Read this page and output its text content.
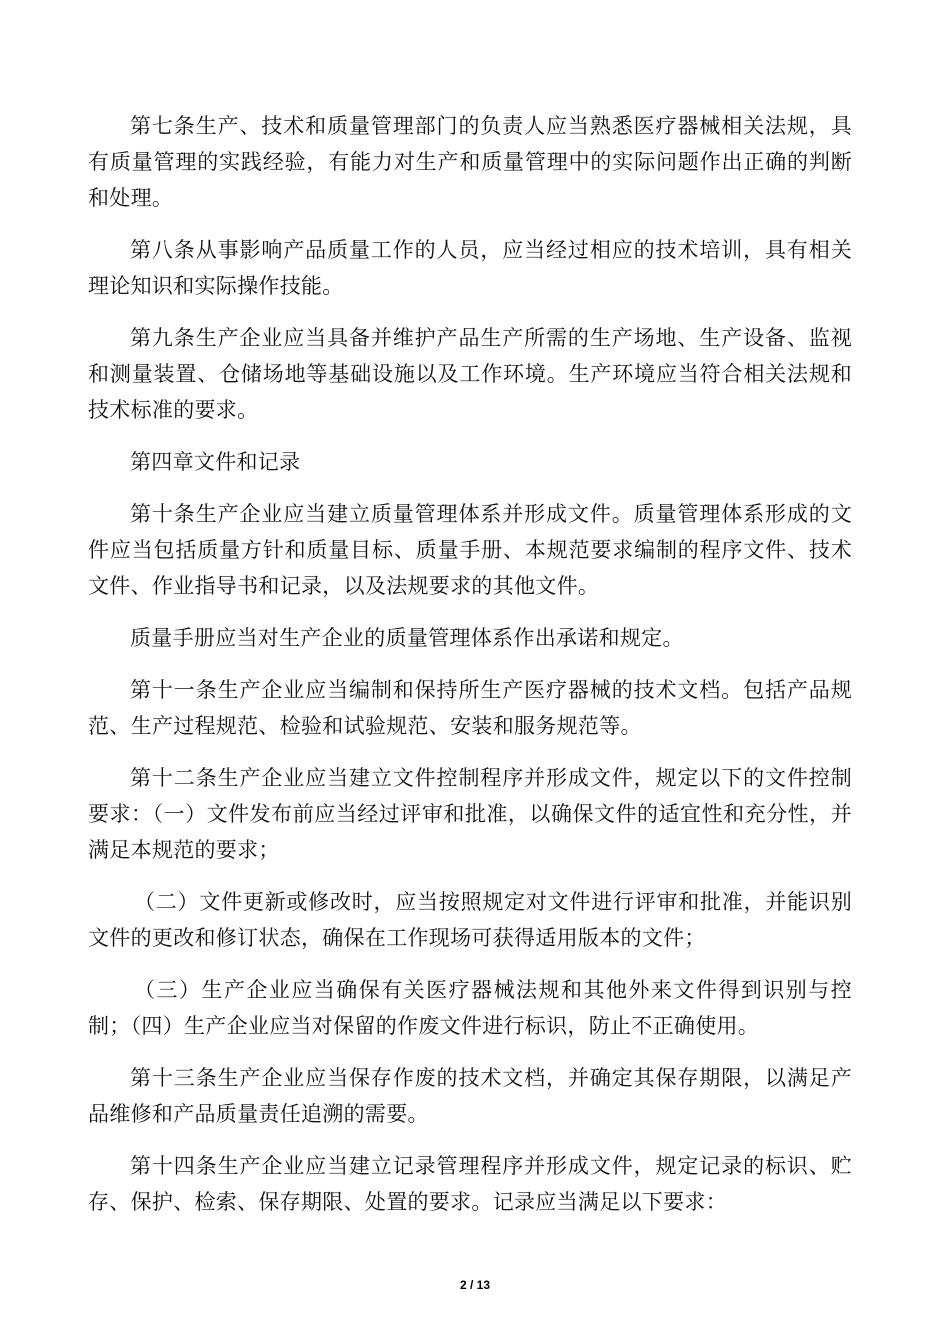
第七条生产、技术和质量管理部门的负责人应当熟悉医疗器械相关法规，具有质量管理的实践经验，有能力对生产和质量管理中的实际问题作出正确的判断和处理。

第八条从事影响产品质量工作的人员，应当经过相应的技术培训，具有相关理论知识和实际操作技能。

第九条生产企业应当具备并维护产品生产所需的生产场地、生产设备、监视和测量装置、仓储场地等基础设施以及工作环境。生产环境应当符合相关法规和技术标准的要求。

第四章文件和记录

第十条生产企业应当建立质量管理体系并形成文件。质量管理体系形成的文件应当包括质量方针和质量目标、质量手册、本规范要求编制的程序文件、技术文件、作业指导书和记录，以及法规要求的其他文件。

质量手册应当对生产企业的质量管理体系作出承诺和规定。

第十一条生产企业应当编制和保持所生产医疗器械的技术文档。包括产品规范、生产过程规范、检验和试验规范、安装和服务规范等。

第十二条生产企业应当建立文件控制程序并形成文件，规定以下的文件控制要求：（一）文件发布前应当经过评审和批准，以确保文件的适宜性和充分性，并满足本规范的要求；

（二）文件更新或修改时，应当按照规定对文件进行评审和批准，并能识别文件的更改和修订状态，确保在工作现场可获得适用版本的文件；

（三）生产企业应当确保有关医疗器械法规和其他外来文件得到识别与控制；（四）生产企业应当对保留的作废文件进行标识，防止不正确使用。

第十三条生产企业应当保存作废的技术文档，并确定其保存期限，以满足产品维修和产品质量责任追溯的需要。

第十四条生产企业应当建立记录管理程序并形成文件，规定记录的标识、贮存、保护、检索、保存期限、处置的要求。记录应当满足以下要求：

2 / 13
